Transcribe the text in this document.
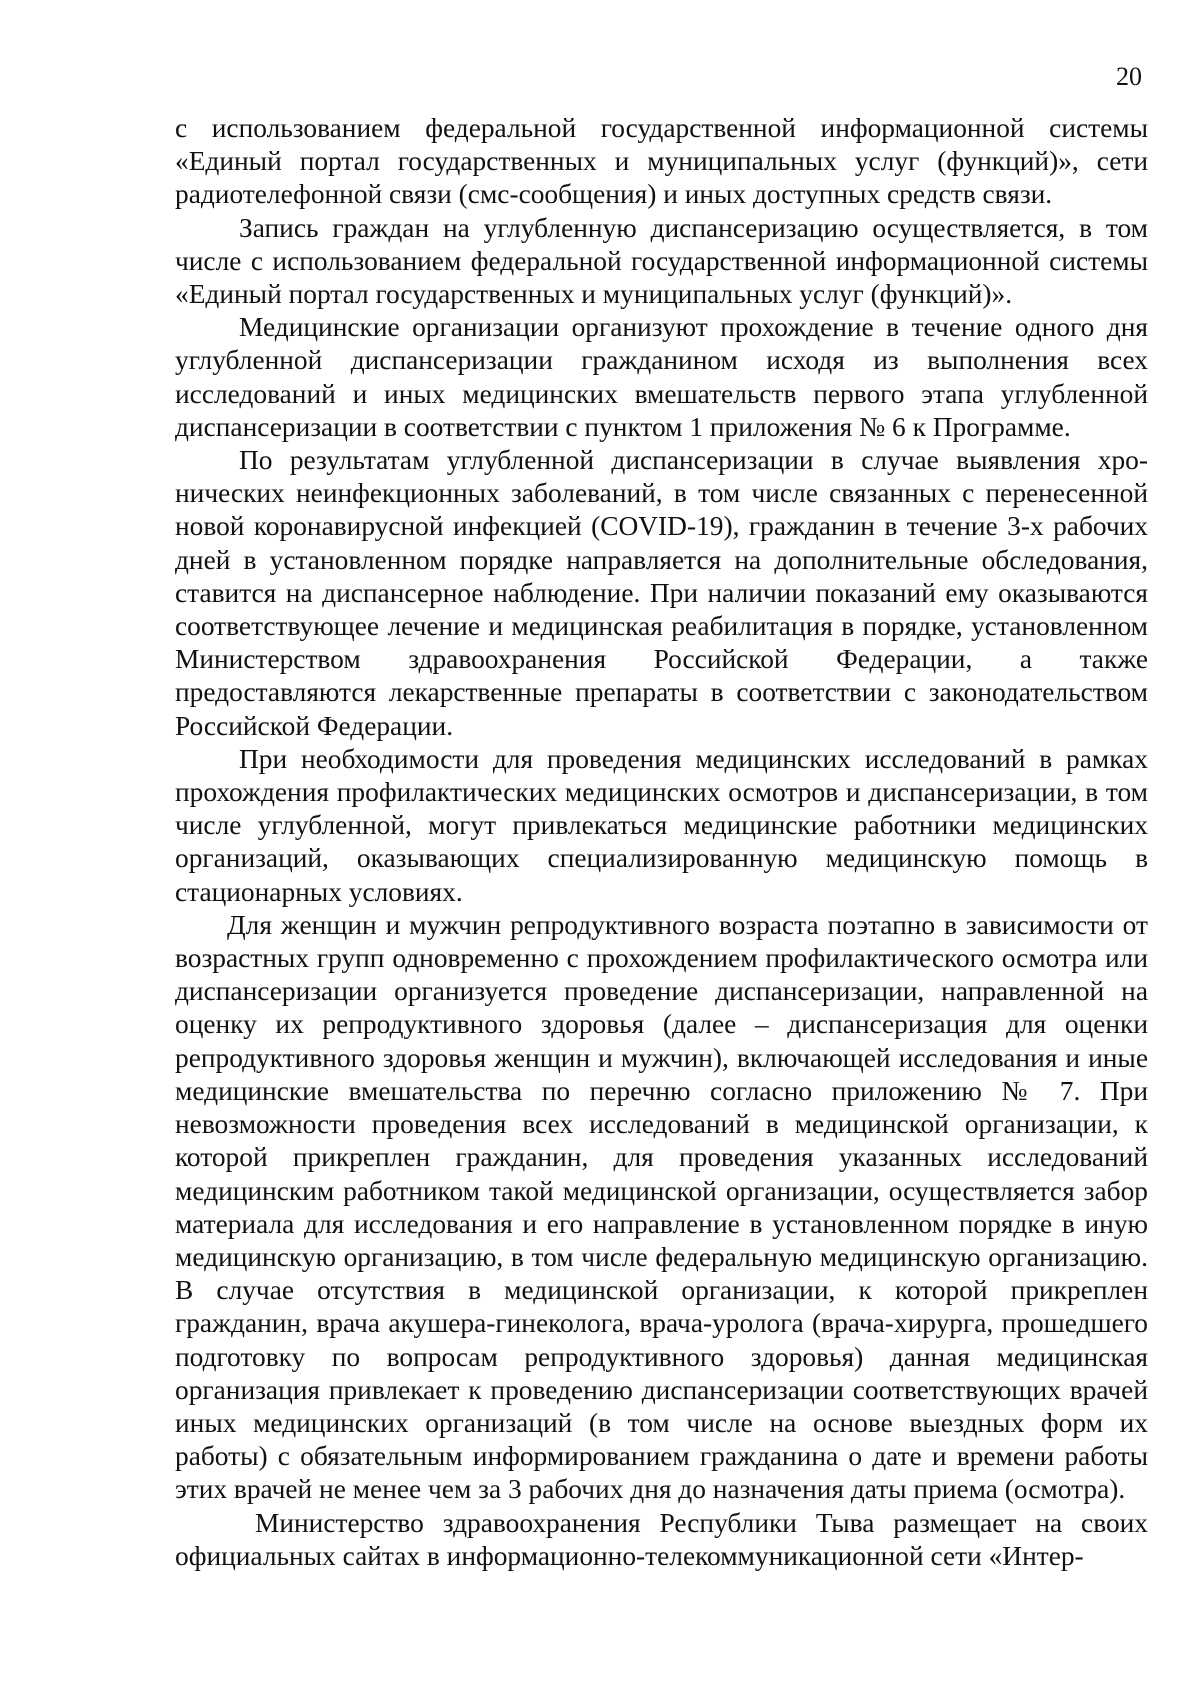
20

с использованием федеральной государственной информационной системы «Единый портал государственных и муниципальных услуг (функций)», сети радиотелефонной связи (смс-сообщения) и иных доступных средств связи.

Запись граждан на углубленную диспансеризацию осуществляется, в том числе с использованием федеральной государственной информационной системы «Единый портал государственных и муниципальных услуг (функций)».

Медицинские организации организуют прохождение в течение одного дня углубленной диспансеризации гражданином исходя из выполнения всех исследований и иных медицинских вмешательств первого этапа углубленной диспансеризации в соответствии с пунктом 1 приложения № 6 к Программе.

По результатам углубленной диспансеризации в случае выявления хронических неинфекционных заболеваний, в том числе связанных с перенесенной новой коронавирусной инфекцией (COVID-19), гражданин в течение 3-х рабочих дней в установленном порядке направляется на дополнительные обследования, ставится на диспансерное наблюдение. При наличии показаний ему оказываются соответствующее лечение и медицинская реабилитация в порядке, установленном Министерством здравоохранения Российской Федерации, а также предоставляются лекарственные препараты в соответствии с законодательством Российской Федерации.

При необходимости для проведения медицинских исследований в рамках прохождения профилактических медицинских осмотров и диспансеризации, в том числе углубленной, могут привлекаться медицинские работники медицинских организаций, оказывающих специализированную медицинскую помощь в стационарных условиях.

Для женщин и мужчин репродуктивного возраста поэтапно в зависимости от возрастных групп одновременно с прохождением профилактического осмотра или диспансеризации организуется проведение диспансеризации, направленной на оценку их репродуктивного здоровья (далее – диспансеризация для оценки репродуктивного здоровья женщин и мужчин), включающей исследования и иные медицинские вмешательства по перечню согласно приложению № 7. При невозможности проведения всех исследований в медицинской организации, к которой прикреплен гражданин, для проведения указанных исследований медицинским работником такой медицинской организации, осуществляется забор материала для исследования и его направление в установленном порядке в иную медицинскую организацию, в том числе федеральную медицинскую организацию. В случае отсутствия в медицинской организации, к которой прикреплен гражданин, врача акушера-гинеколога, врача-уролога (врача-хирурга, прошедшего подготовку по вопросам репродуктивного здоровья) данная медицинская организация привлекает к проведению диспансеризации соответствующих врачей иных медицинских организаций (в том числе на основе выездных форм их работы) с обязательным информированием гражданина о дате и времени работы этих врачей не менее чем за 3 рабочих дня до назначения даты приема (осмотра).

Министерство здравоохранения Республики Тыва размещает на своих официальных сайтах в информационно-телекоммуникационной сети «Интер-
